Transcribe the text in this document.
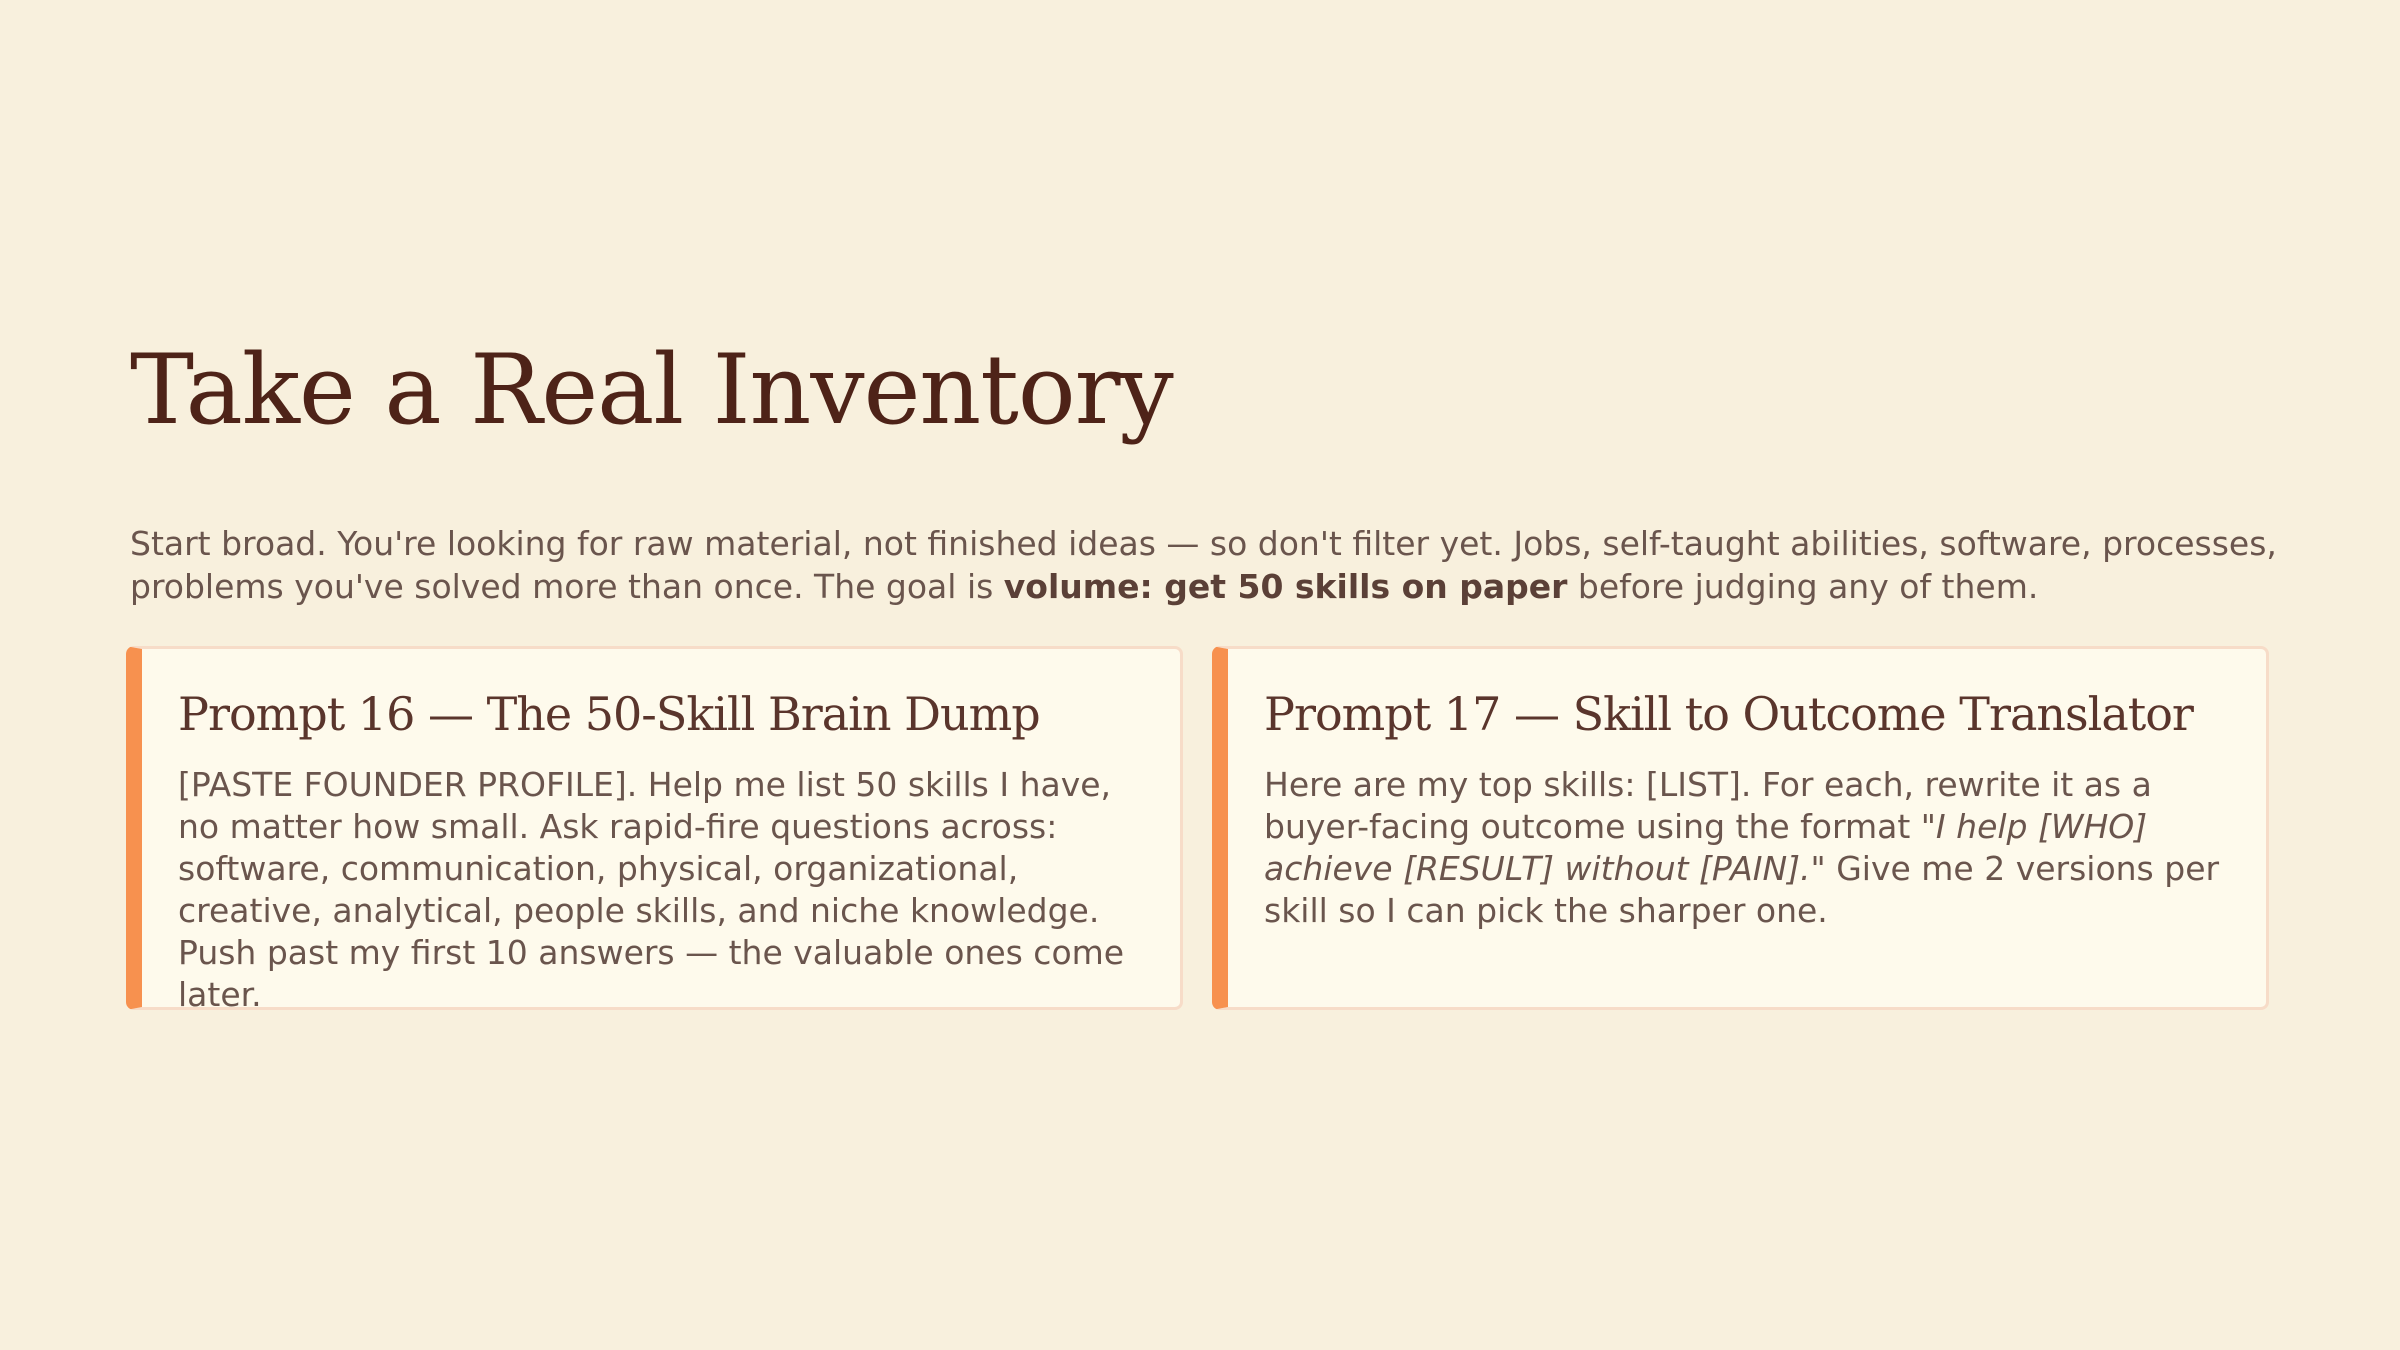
Take a Real Inventory

Start broad. You're looking for raw material, not finished ideas — so don't filter yet. Jobs, self-taught abilities, software, processes, problems you've solved more than once. The goal is volume: get 50 skills on paper before judging any of them.

Prompt 16 — The 50-Skill Brain Dump

[PASTE FOUNDER PROFILE]. Help me list 50 skills I have, no matter how small. Ask rapid-fire questions across: software, communication, physical, organizational, creative, analytical, people skills, and niche knowledge. Push past my first 10 answers — the valuable ones come later.

Prompt 17 — Skill to Outcome Translator

Here are my top skills: [LIST]. For each, rewrite it as a buyer-facing outcome using the format "I help [WHO] achieve [RESULT] without [PAIN]." Give me 2 versions per skill so I can pick the sharper one.
